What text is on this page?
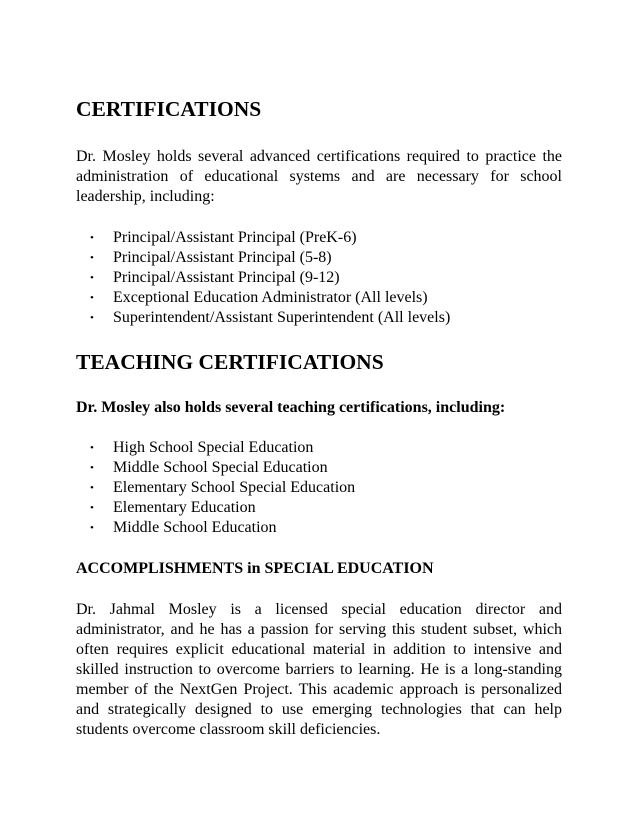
CERTIFICATIONS

Dr. Mosley holds several advanced certifications required to practice the administration of educational systems and are necessary for school leadership, including:

• Principal/Assistant Principal (PreK-6)
• Principal/Assistant Principal (5-8)
• Principal/Assistant Principal (9-12)
• Exceptional Education Administrator (All levels)
• Superintendent/Assistant Superintendent (All levels)
TEACHING CERTIFICATIONS

Dr. Mosley also holds several teaching certifications, including:

• High School Special Education
• Middle School Special Education
• Elementary School Special Education
• Elementary Education
• Middle School Education
ACCOMPLISHMENTS in SPECIAL EDUCATION

Dr. Jahmal Mosley is a licensed special education director and administrator, and he has a passion for serving this student subset, which often requires explicit educational material in addition to intensive and skilled instruction to overcome barriers to learning. He is a long-standing member of the NextGen Project. This academic approach is personalized and strategically designed to use emerging technologies that can help students overcome classroom skill deficiencies.
